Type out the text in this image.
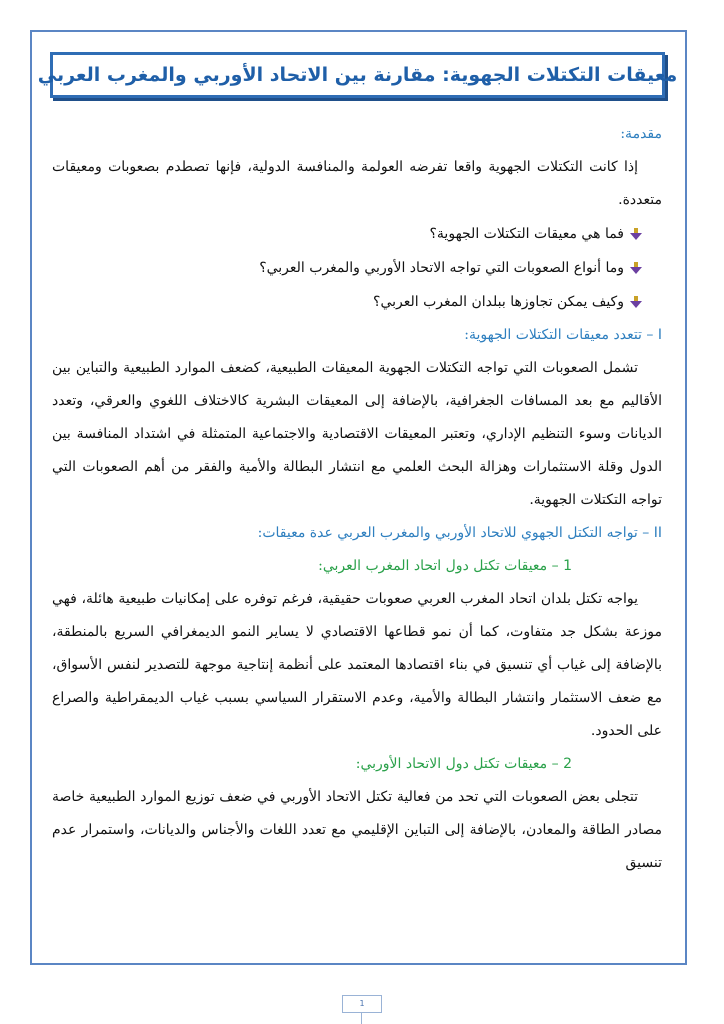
معيقات التكتلات الجهوية: مقارنة بين الاتحاد الأوربي والمغرب العربي

مقدمة:

إذا كانت التكتلات الجهوية واقعا تفرضه العولمة والمنافسة الدولية، فإنها تصطدم بصعوبات ومعيقات متعددة.

فما هي معيقات التكتلات الجهوية؟
وما أنواع الصعوبات التي تواجه الاتحاد الأوربي والمغرب العربي؟
وكيف يمكن تجاوزها ببلدان المغرب العربي؟

I – تتعدد معيقات التكتلات الجهوية:

تشمل الصعوبات التي تواجه التكتلات الجهوية المعيقات الطبيعية، كضعف الموارد الطبيعية والتباين بين الأقاليم مع بعد المسافات الجغرافية، بالإضافة إلى المعيقات البشرية كالاختلاف اللغوي والعرقي، وتعدد الديانات وسوء التنظيم الإداري، وتعتبر المعيقات الاقتصادية والاجتماعية المتمثلة في اشتداد المنافسة بين الدول وقلة الاستثمارات وهزالة البحث العلمي مع انتشار البطالة والأمية والفقر من أهم الصعوبات التي تواجه التكتلات الجهوية.

II – تواجه التكتل الجهوي للاتحاد الأوربي والمغرب العربي عدة معيقات:

1 – معيقات تكتل دول اتحاد المغرب العربي:

يواجه تكتل بلدان اتحاد المغرب العربي صعوبات حقيقية، فرغم توفره على إمكانيات طبيعية هائلة، فهي موزعة بشكل جد متفاوت، كما أن نمو قطاعها الاقتصادي لا يساير النمو الديمغرافي السريع بالمنطقة، بالإضافة إلى غياب أي تنسيق في بناء اقتصادها المعتمد على أنظمة إنتاجية موجهة للتصدير لنفس الأسواق، مع ضعف الاستثمار وانتشار البطالة والأمية، وعدم الاستقرار السياسي بسبب غياب الديمقراطية والصراع على الحدود.

2 – معيقات تكتل دول الاتحاد الأوربي:

تتجلى بعض الصعوبات التي تحد من فعالية تكتل الاتحاد الأوربي في ضعف توزيع الموارد الطبيعية خاصة مصادر الطاقة والمعادن، بالإضافة إلى التباين الإقليمي مع تعدد اللغات والأجناس والديانات، واستمرار عدم تنسيق

1
